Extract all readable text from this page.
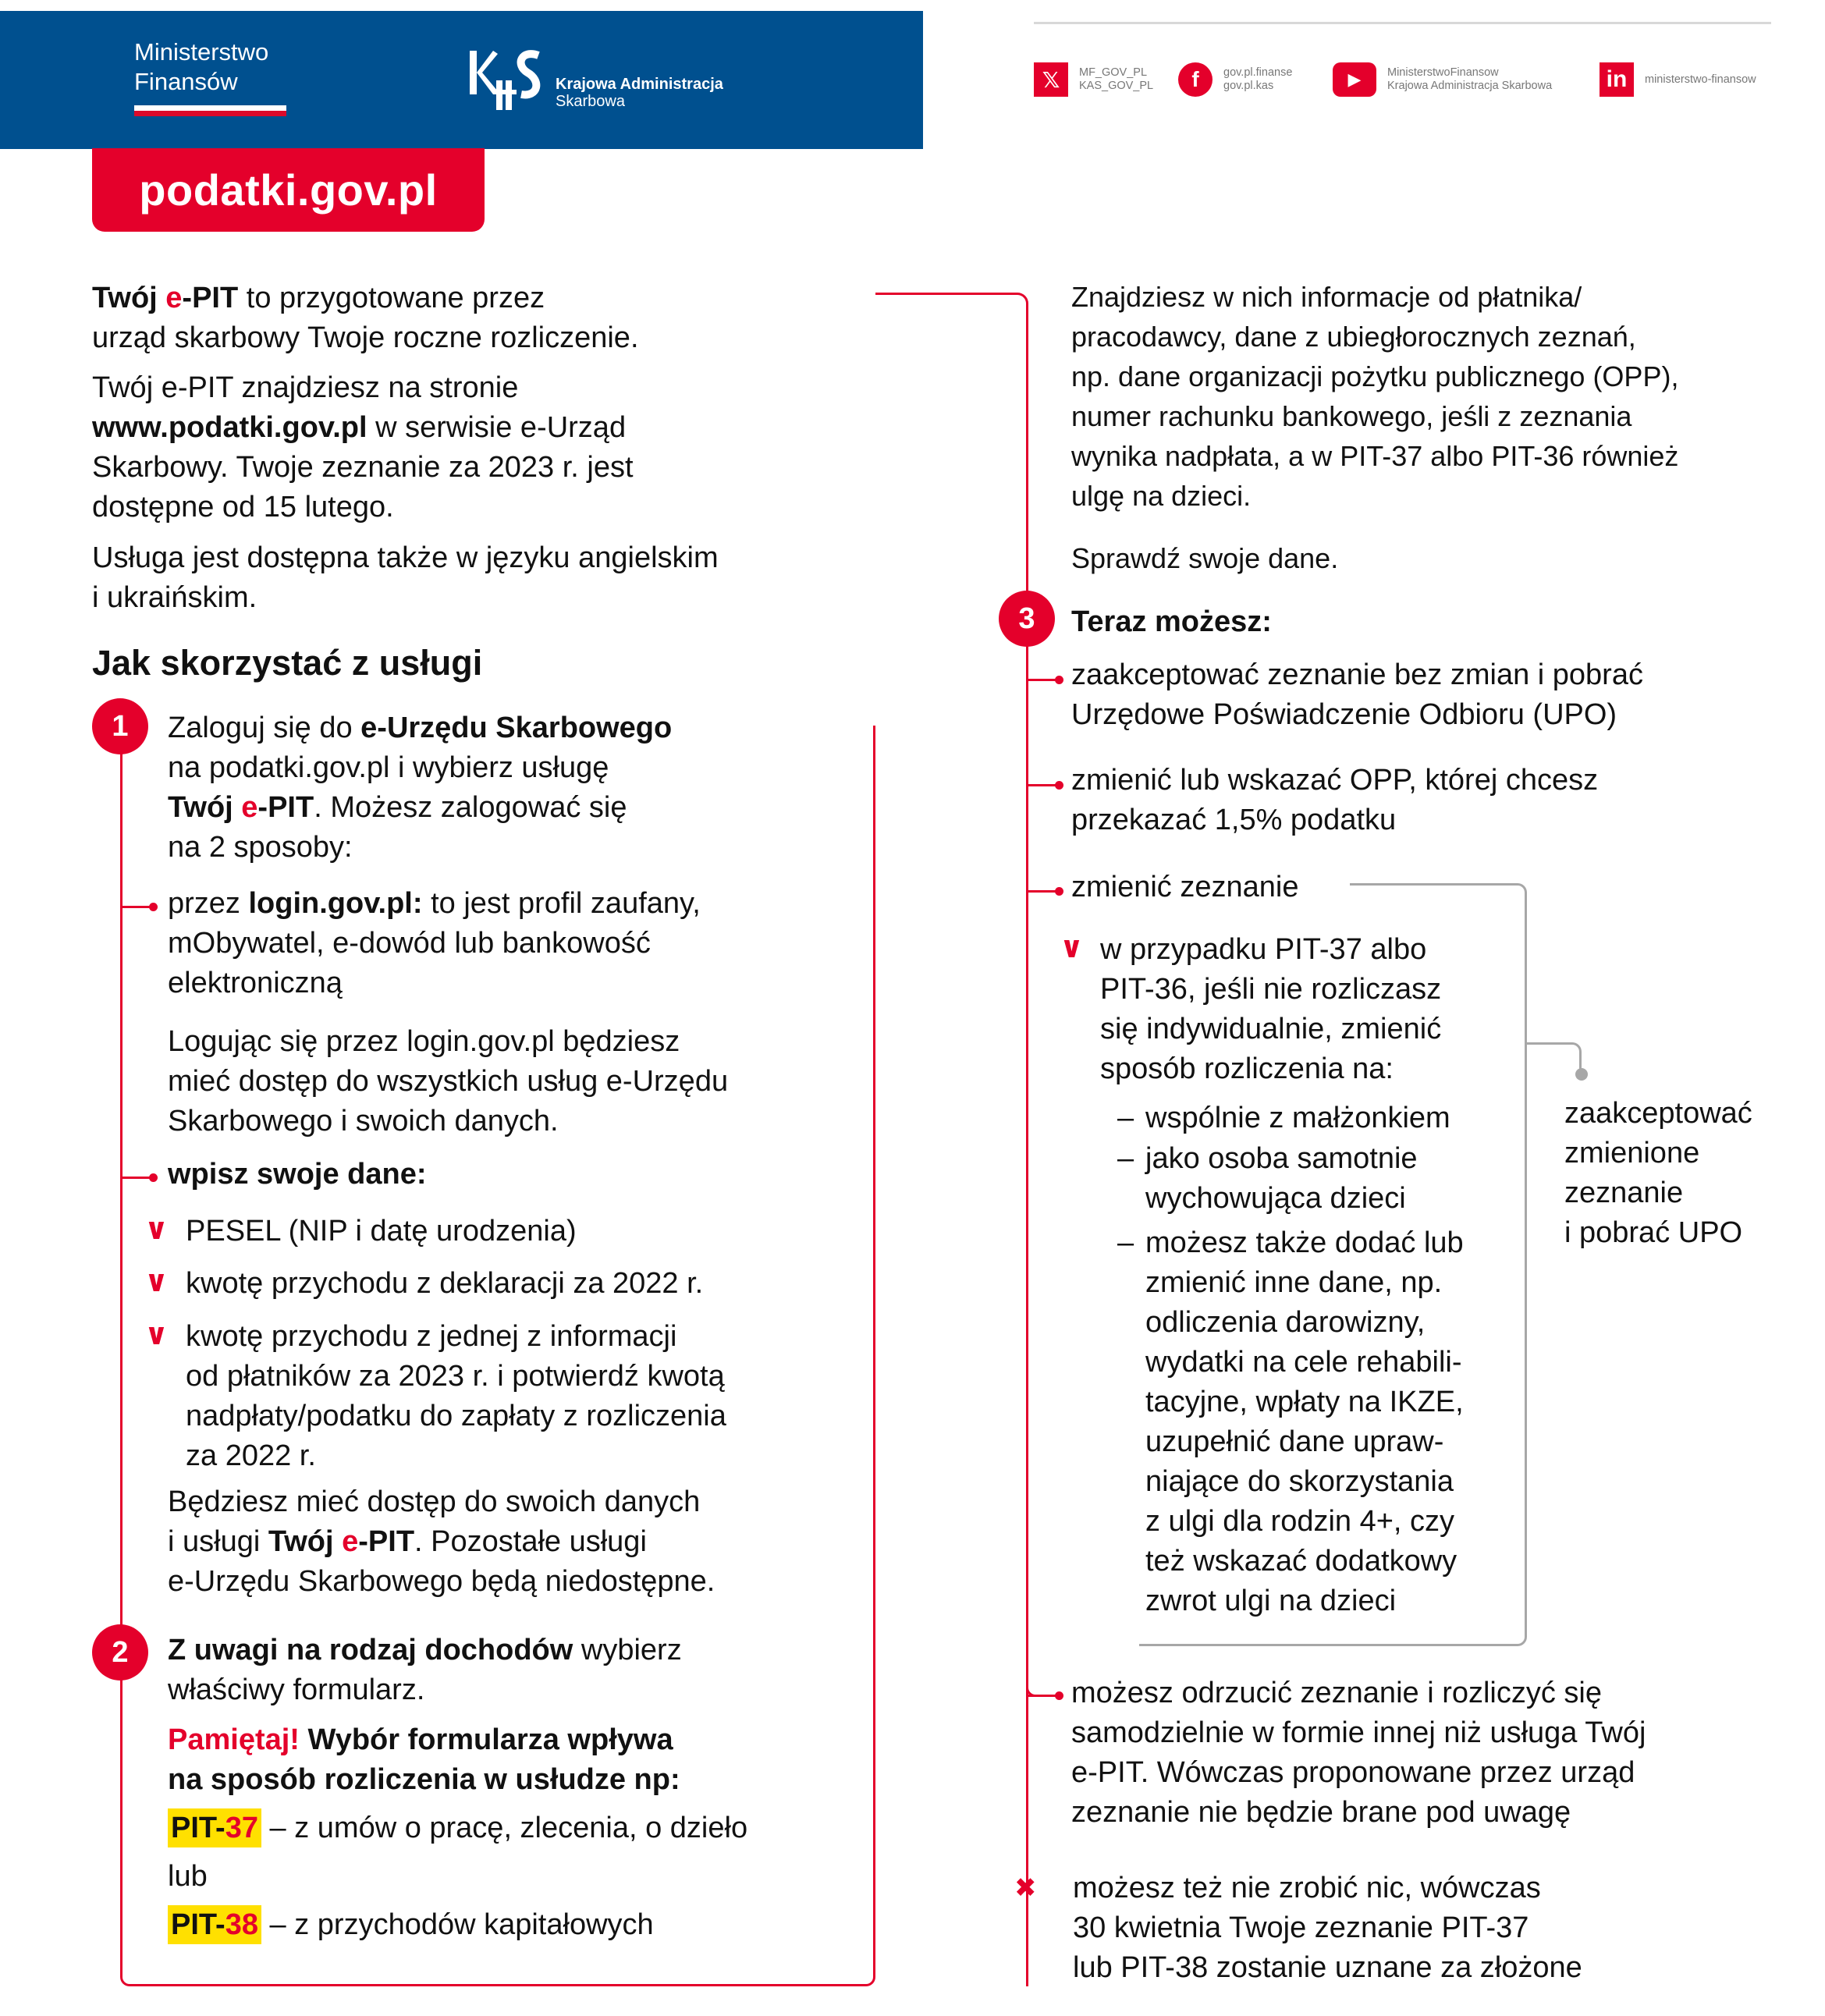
Ministerstwo
Finansów	Krajowa Administracja
Skarbowa
podatki.gov.pl
𝕏	MF_GOV_PL
KAS_GOV_PL	f	gov.pl.finanse
gov.pl.kas	▶	MinisterstwoFinansow
Krajowa Administracja Skarbowa in	ministerstwo-finansow
Twój e-PIT to przygotowane przez
urząd skarbowy Twoje roczne rozliczenie.
Twój e-PIT znajdziesz na stronie
www.podatki.gov.pl w serwisie e-Urząd
Skarbowy. Twoje zeznanie za 2023 r. jest
dostępne od 15 lutego.
Usługa jest dostępna także w języku angielskim
i ukraińskim.
Jak skorzystać z usługi
1	Zaloguj się do e-Urzędu Skarbowego
na podatki.gov.pl i wybierz usługę
Twój e-PIT. Możesz zalogować się
na 2 sposoby:
przez login.gov.pl: to jest profil zaufany,
mObywatel, e-dowód lub bankowość
elektroniczną
Logując się przez login.gov.pl będziesz
mieć dostęp do wszystkich usług e-Urzędu
Skarbowego i swoich danych.
wpisz swoje dane:
∨ PESEL (NIP i datę urodzenia)
∨ kwotę przychodu z deklaracji za 2022 r.
∨ kwotę przychodu z jednej z informacji
od płatników za 2023 r. i potwierdź kwotą
nadpłaty/podatku do zapłaty z rozliczenia
za 2022 r.
Będziesz mieć dostęp do swoich danych
i usługi Twój e-PIT. Pozostałe usługi
e-Urzędu Skarbowego będą niedostępne.
2	Z uwagi na rodzaj dochodów wybierz
właściwy formularz.
Pamiętaj! Wybór formularza wpływa
na sposób rozliczenia w usłudze np:
PIT-37 – z umów o pracę, zlecenia, o dzieło
lub
PIT-38 – z przychodów kapitałowych
Znajdziesz w nich informacje od płatnika/
pracodawcy, dane z ubiegłorocznych zeznań,
np. dane organizacji pożytku publicznego (OPP),
numer rachunku bankowego, jeśli z zeznania
wynika nadpłata, a w PIT-37 albo PIT-36 również
ulgę na dzieci.
Sprawdź swoje dane.
3	Teraz możesz:
zaakceptować zeznanie bez zmian i pobrać
Urzędowe Poświadczenie Odbioru (UPO)
zmienić lub wskazać OPP, której chcesz
przekazać 1,5% podatku
zmienić zeznanie
∨ w przypadku PIT-37 albo
PIT-36, jeśli nie rozliczasz
się indywidualnie, zmienić
sposób rozliczenia na:
– wspólnie z małżonkiem
– jako osoba samotnie
wychowująca dzieci
– możesz także dodać lub
zmienić inne dane, np.
odliczenia darowizny,
wydatki na cele rehabili-
tacyjne, wpłaty na IKZE,
uzupełnić dane upraw-
niające do skorzystania
z ulgi dla rodzin 4+, czy
też wskazać dodatkowy
zwrot ulgi na dzieci
zaakceptować
zmienione
zeznanie
i pobrać UPO
możesz odrzucić zeznanie i rozliczyć się
samodzielnie w formie innej niż usługa Twój
e-PIT. Wówczas proponowane przez urząd
zeznanie nie będzie brane pod uwagę
✖ możesz też nie zrobić nic, wówczas
30 kwietnia Twoje zeznanie PIT-37
lub PIT-38 zostanie uznane za złożone
